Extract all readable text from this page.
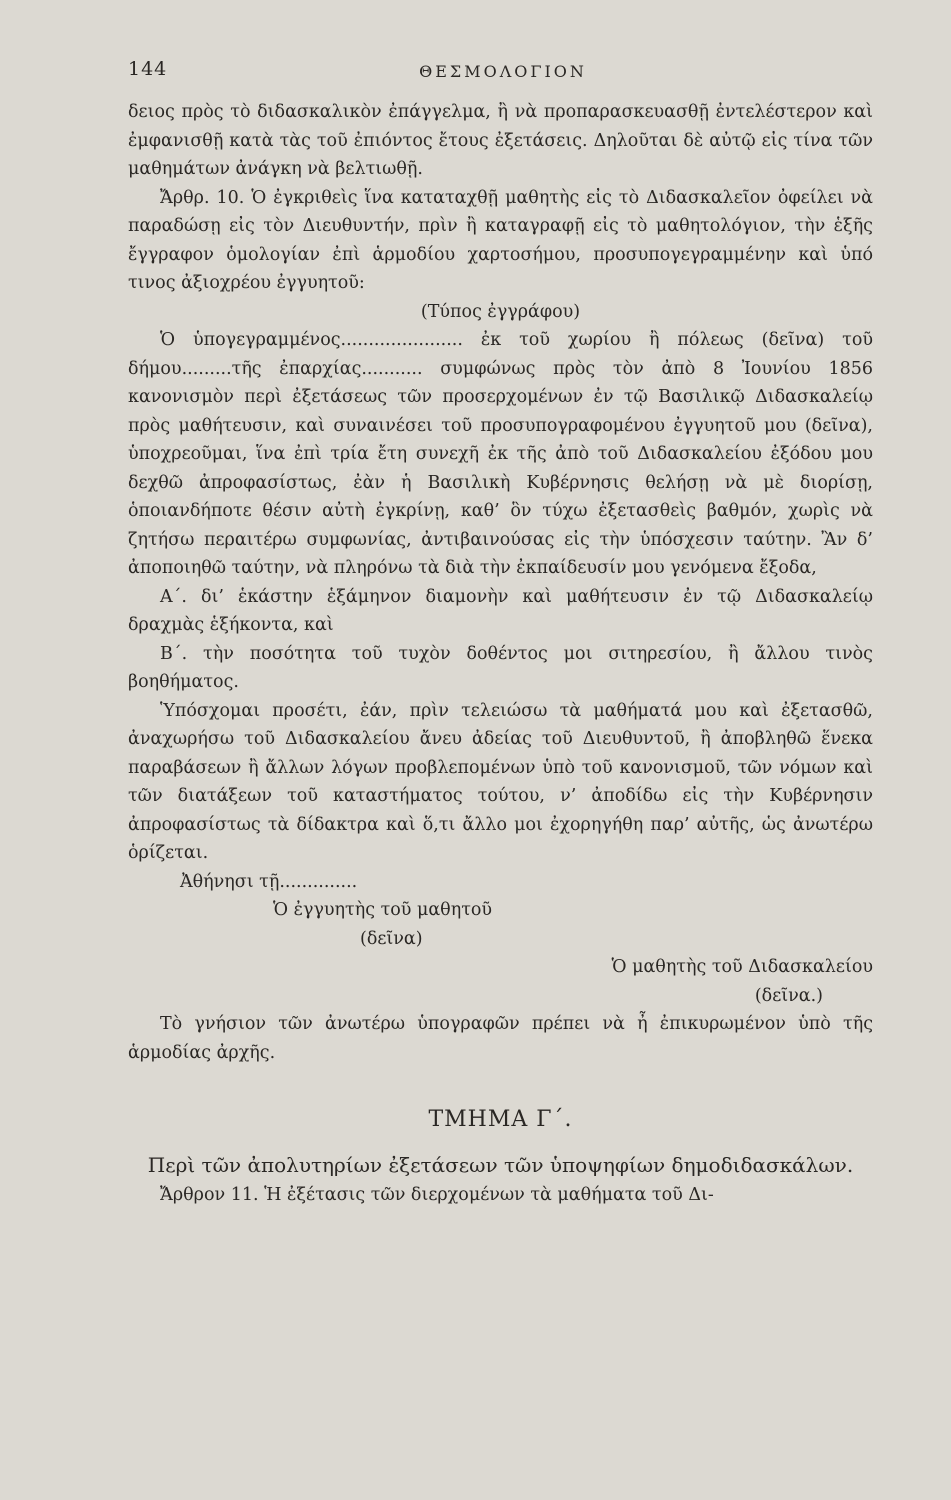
144	ΘΕΣΜΟΛΟΓΙΟΝ

δειος πρὸς τὸ διδασκαλικὸν ἐπάγγελμα, ἢ νὰ προπαρασκευασθῇ ἐντελέστερον καὶ ἐμφανισθῇ κατὰ τὰς τοῦ ἐπιόντος ἔτους ἐξετάσεις. Δηλοῦται δὲ αὐτῷ εἰς τίνα τῶν μαθημάτων ἀνάγκη νὰ βελτιωθῇ.

Ἄρθρ. 10. Ὁ ἐγκριθεὶς ἵνα καταταχθῇ μαθητὴς εἰς τὸ Διδασκαλεῖον ὀφείλει νὰ παραδώσῃ εἰς τὸν Διευθυντήν, πρὶν ἢ καταγραφῇ εἰς τὸ μαθητολόγιον, τὴν ἑξῆς ἔγγραφον ὁμολογίαν ἐπὶ ἁρμοδίου χαρτοσήμου, προσυπογεγραμμένην καὶ ὑπό τινος ἀξιοχρέου ἐγγυητοῦ:

(Τύπος ἐγγράφου)

Ὁ ὑπογεγραμμένος...................... ἐκ τοῦ χωρίου ἢ πόλεως (δεῖνα) τοῦ δήμου.........τῆς ἐπαρχίας........... συμφώνως πρὸς τὸν ἀπὸ 8 Ἰουνίου 1856 κανονισμὸν περὶ ἐξετάσεως τῶν προσερχομένων ἐν τῷ Βασιλικῷ Διδασκαλείῳ πρὸς μαθήτευσιν, καὶ συναινέσει τοῦ προσυπογραφομένου ἐγγυητοῦ μου (δεῖνα), ὑποχρεοῦμαι, ἵνα ἐπὶ τρία ἔτη συνεχῆ ἐκ τῆς ἀπὸ τοῦ Διδασκαλείου ἐξόδου μου δεχθῶ ἀπροφασίστως, ἐὰν ἡ Βασιλικὴ Κυβέρνησις θελήσῃ νὰ μὲ διορίσῃ, ὁποιανδήποτε θέσιν αὐτὴ ἐγκρίνῃ, καθ’ ὃν τύχω ἐξετασθεὶς βαθμόν, χωρὶς νὰ ζητήσω περαιτέρω συμφωνίας, ἀντιβαινούσας εἰς τὴν ὑπόσχεσιν ταύτην. Ἂν δ’ ἀποποιηθῶ ταύτην, νὰ πληρόνω τὰ διὰ τὴν ἐκπαίδευσίν μου γενόμενα ἔξοδα,

Α΄. δι’ ἑκάστην ἑξάμηνον διαμονὴν καὶ μαθήτευσιν ἐν τῷ Διδασκαλείῳ δραχμὰς ἑξήκοντα, καὶ

Β΄. τὴν ποσότητα τοῦ τυχὸν δοθέντος μοι σιτηρεσίου, ἢ ἄλλου τινὸς βοηθήματος.

Ὑπόσχομαι προσέτι, ἐάν, πρὶν τελειώσω τὰ μαθήματά μου καὶ ἐξετασθῶ, ἀναχωρήσω τοῦ Διδασκαλείου ἄνευ ἀδείας τοῦ Διευθυντοῦ, ἢ ἀποβληθῶ ἕνεκα παραβάσεων ἢ ἄλλων λόγων προβλεπομένων ὑπὸ τοῦ κανονισμοῦ, τῶν νόμων καὶ τῶν διατάξεων τοῦ καταστήματος τούτου, ν’ ἀποδίδω εἰς τὴν Κυβέρνησιν ἀπροφασίστως τὰ δίδακτρα καὶ ὅ,τι ἄλλο μοι ἐχορηγήθη παρ’ αὐτῆς, ὡς ἀνωτέρω ὁρίζεται.

Ἀθήνησι τῇ..............

Ὁ ἐγγυητὴς τοῦ μαθητοῦ

(δεῖνα)

Ὁ μαθητὴς τοῦ Διδασκαλείου

(δεῖνα.)

Τὸ γνήσιον τῶν ἀνωτέρω ὑπογραφῶν πρέπει νὰ ἦ ἐπικυρωμένον ὑπὸ τῆς ἁρμοδίας ἀρχῆς.

ΤΜΗΜΑ Γ΄.
Περὶ τῶν ἀπολυτηρίων ἐξετάσεων τῶν ὑποψηφίων δημοδιδασκάλων.

Ἄρθρον 11. Ἡ ἐξέτασις τῶν διερχομένων τὰ μαθήματα τοῦ Δι-
